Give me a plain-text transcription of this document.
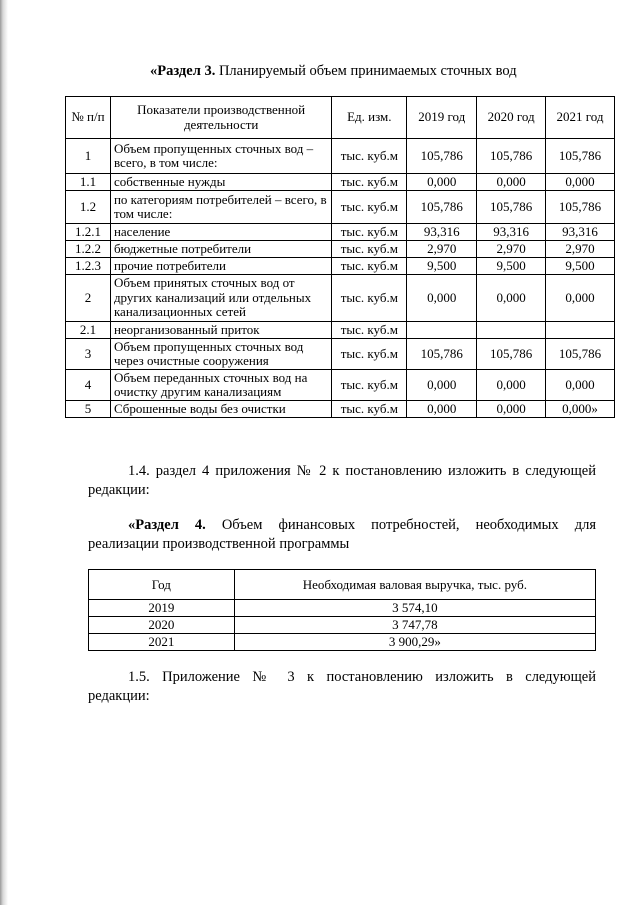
«Раздел 3. Планируемый объем принимаемых сточных вод
№ п/п	Показатели производственной деятельности	Ед. изм.	2019 год	2020 год	2021 год
1	Объем пропущенных сточных вод – всего, в том числе:	тыс. куб.м	105,786	105,786	105,786
1.1	собственные нужды	тыс. куб.м	0,000	0,000	0,000
1.2	по категориям потребителей – всего, в том числе:	тыс. куб.м	105,786	105,786	105,786
1.2.1	население	тыс. куб.м	93,316	93,316	93,316
1.2.2	бюджетные потребители	тыс. куб.м	2,970	2,970	2,970
1.2.3	прочие потребители	тыс. куб.м	9,500	9,500	9,500
2	Объем принятых сточных вод от других канализаций или отдельных канализационных сетей	тыс. куб.м	0,000	0,000	0,000
2.1	неорганизованный приток	тыс. куб.м			
3	Объем пропущенных сточных вод через очистные сооружения	тыс. куб.м	105,786	105,786	105,786
4	Объем переданных сточных вод на очистку другим канализациям	тыс. куб.м	0,000	0,000	0,000
5	Сброшенные воды без очистки	тыс. куб.м	0,000	0,000	0,000»
1.4. раздел 4 приложения № 2 к постановлению изложить в следующей
редакции:
«Раздел 4. Объем финансовых потребностей, необходимых для
реализации производственной программы
Год	Необходимая валовая выручка, тыс. руб.
2019	3 574,10
2020	3 747,78
2021	3 900,29»
1.5. Приложение № 3 к постановлению изложить в следующей
редакции:
